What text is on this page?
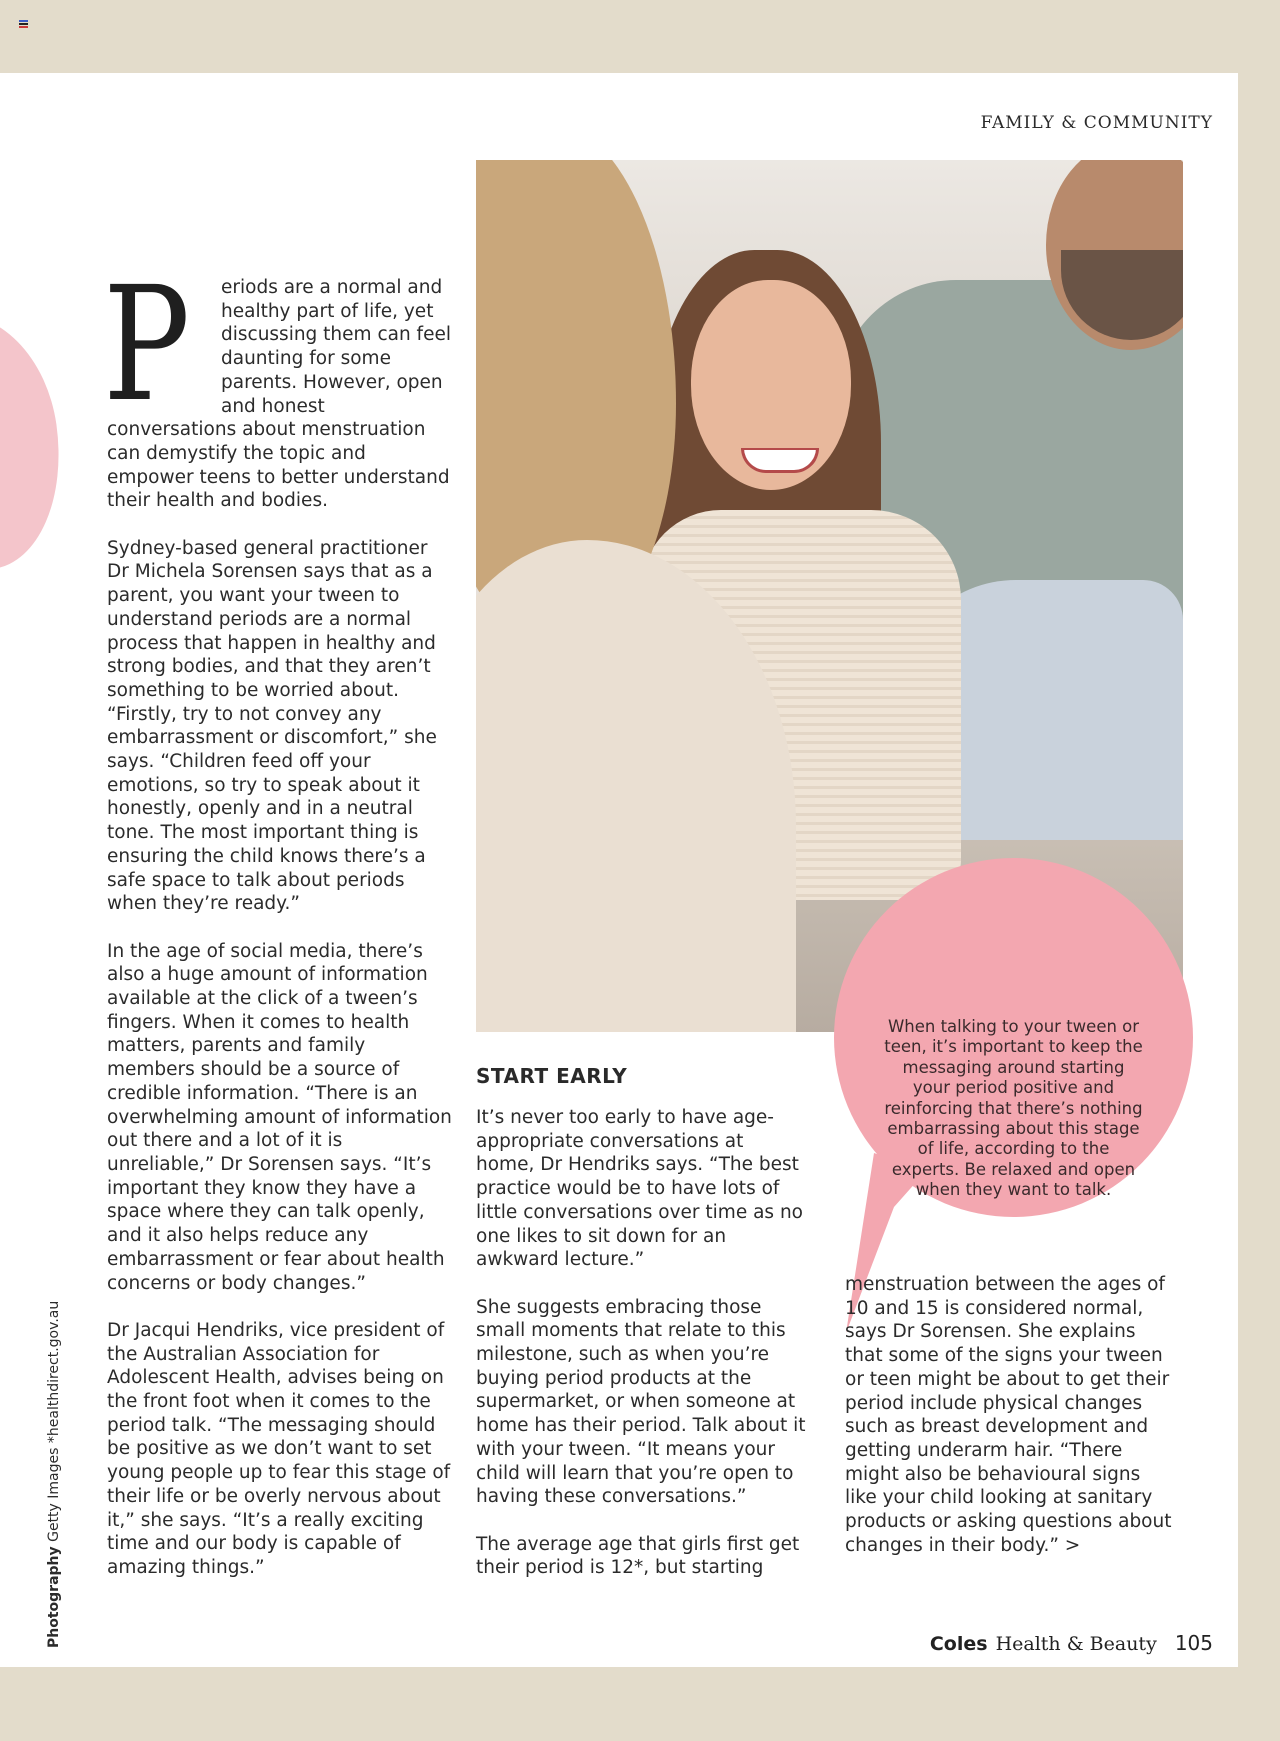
FAMILY & COMMUNITY

P eriods are a normal and healthy part of life, yet discussing them can feel daunting for some parents. However, open and honest conversations about menstruation can demystify the topic and empower teens to better understand their health and bodies.

Sydney-based general practitioner Dr Michela Sorensen says that as a parent, you want your tween to understand periods are a normal process that happen in healthy and strong bodies, and that they aren’t something to be worried about. “Firstly, try to not convey any embarrassment or discomfort,” she says. “Children feed off your emotions, so try to speak about it honestly, openly and in a neutral tone. The most important thing is ensuring the child knows there’s a safe space to talk about periods when they’re ready.”

In the age of social media, there’s also a huge amount of information available at the click of a tween’s fingers. When it comes to health matters, parents and family members should be a source of credible information. “There is an overwhelming amount of information out there and a lot of it is unreliable,” Dr Sorensen says. “It’s important they know they have a space where they can talk openly, and it also helps reduce any embarrassment or fear about health concerns or body changes.”

Dr Jacqui Hendriks, vice president of the Australian Association for Adolescent Health, advises being on the front foot when it comes to the period talk. “The messaging should be positive as we don’t want to set young people up to fear this stage of their life or be overly nervous about it,” she says. “It’s a really exciting time and our body is capable of amazing things.”

START EARLY

It’s never too early to have age-appropriate conversations at home, Dr Hendriks says. “The best practice would be to have lots of little conversations over time as no one likes to sit down for an awkward lecture.”

She suggests embracing those small moments that relate to this milestone, such as when you’re buying period products at the supermarket, or when someone at home has their period. Talk about it with your tween. “It means your child will learn that you’re open to having these conversations.”

The average age that girls first get their period is 12*, but starting

When talking to your tween or teen, it’s important to keep the messaging around starting your period positive and reinforcing that there’s nothing embarrassing about this stage of life, according to the experts. Be relaxed and open when they want to talk.

menstruation between the ages of 10 and 15 is considered normal, says Dr Sorensen. She explains that some of the signs your tween or teen might be about to get their period include physical changes such as breast development and getting underarm hair. “There might also be behavioural signs like your child looking at sanitary products or asking questions about changes in their body.” >

Photography Getty Images *healthdirect.gov.au
Coles Health & Beauty 105
